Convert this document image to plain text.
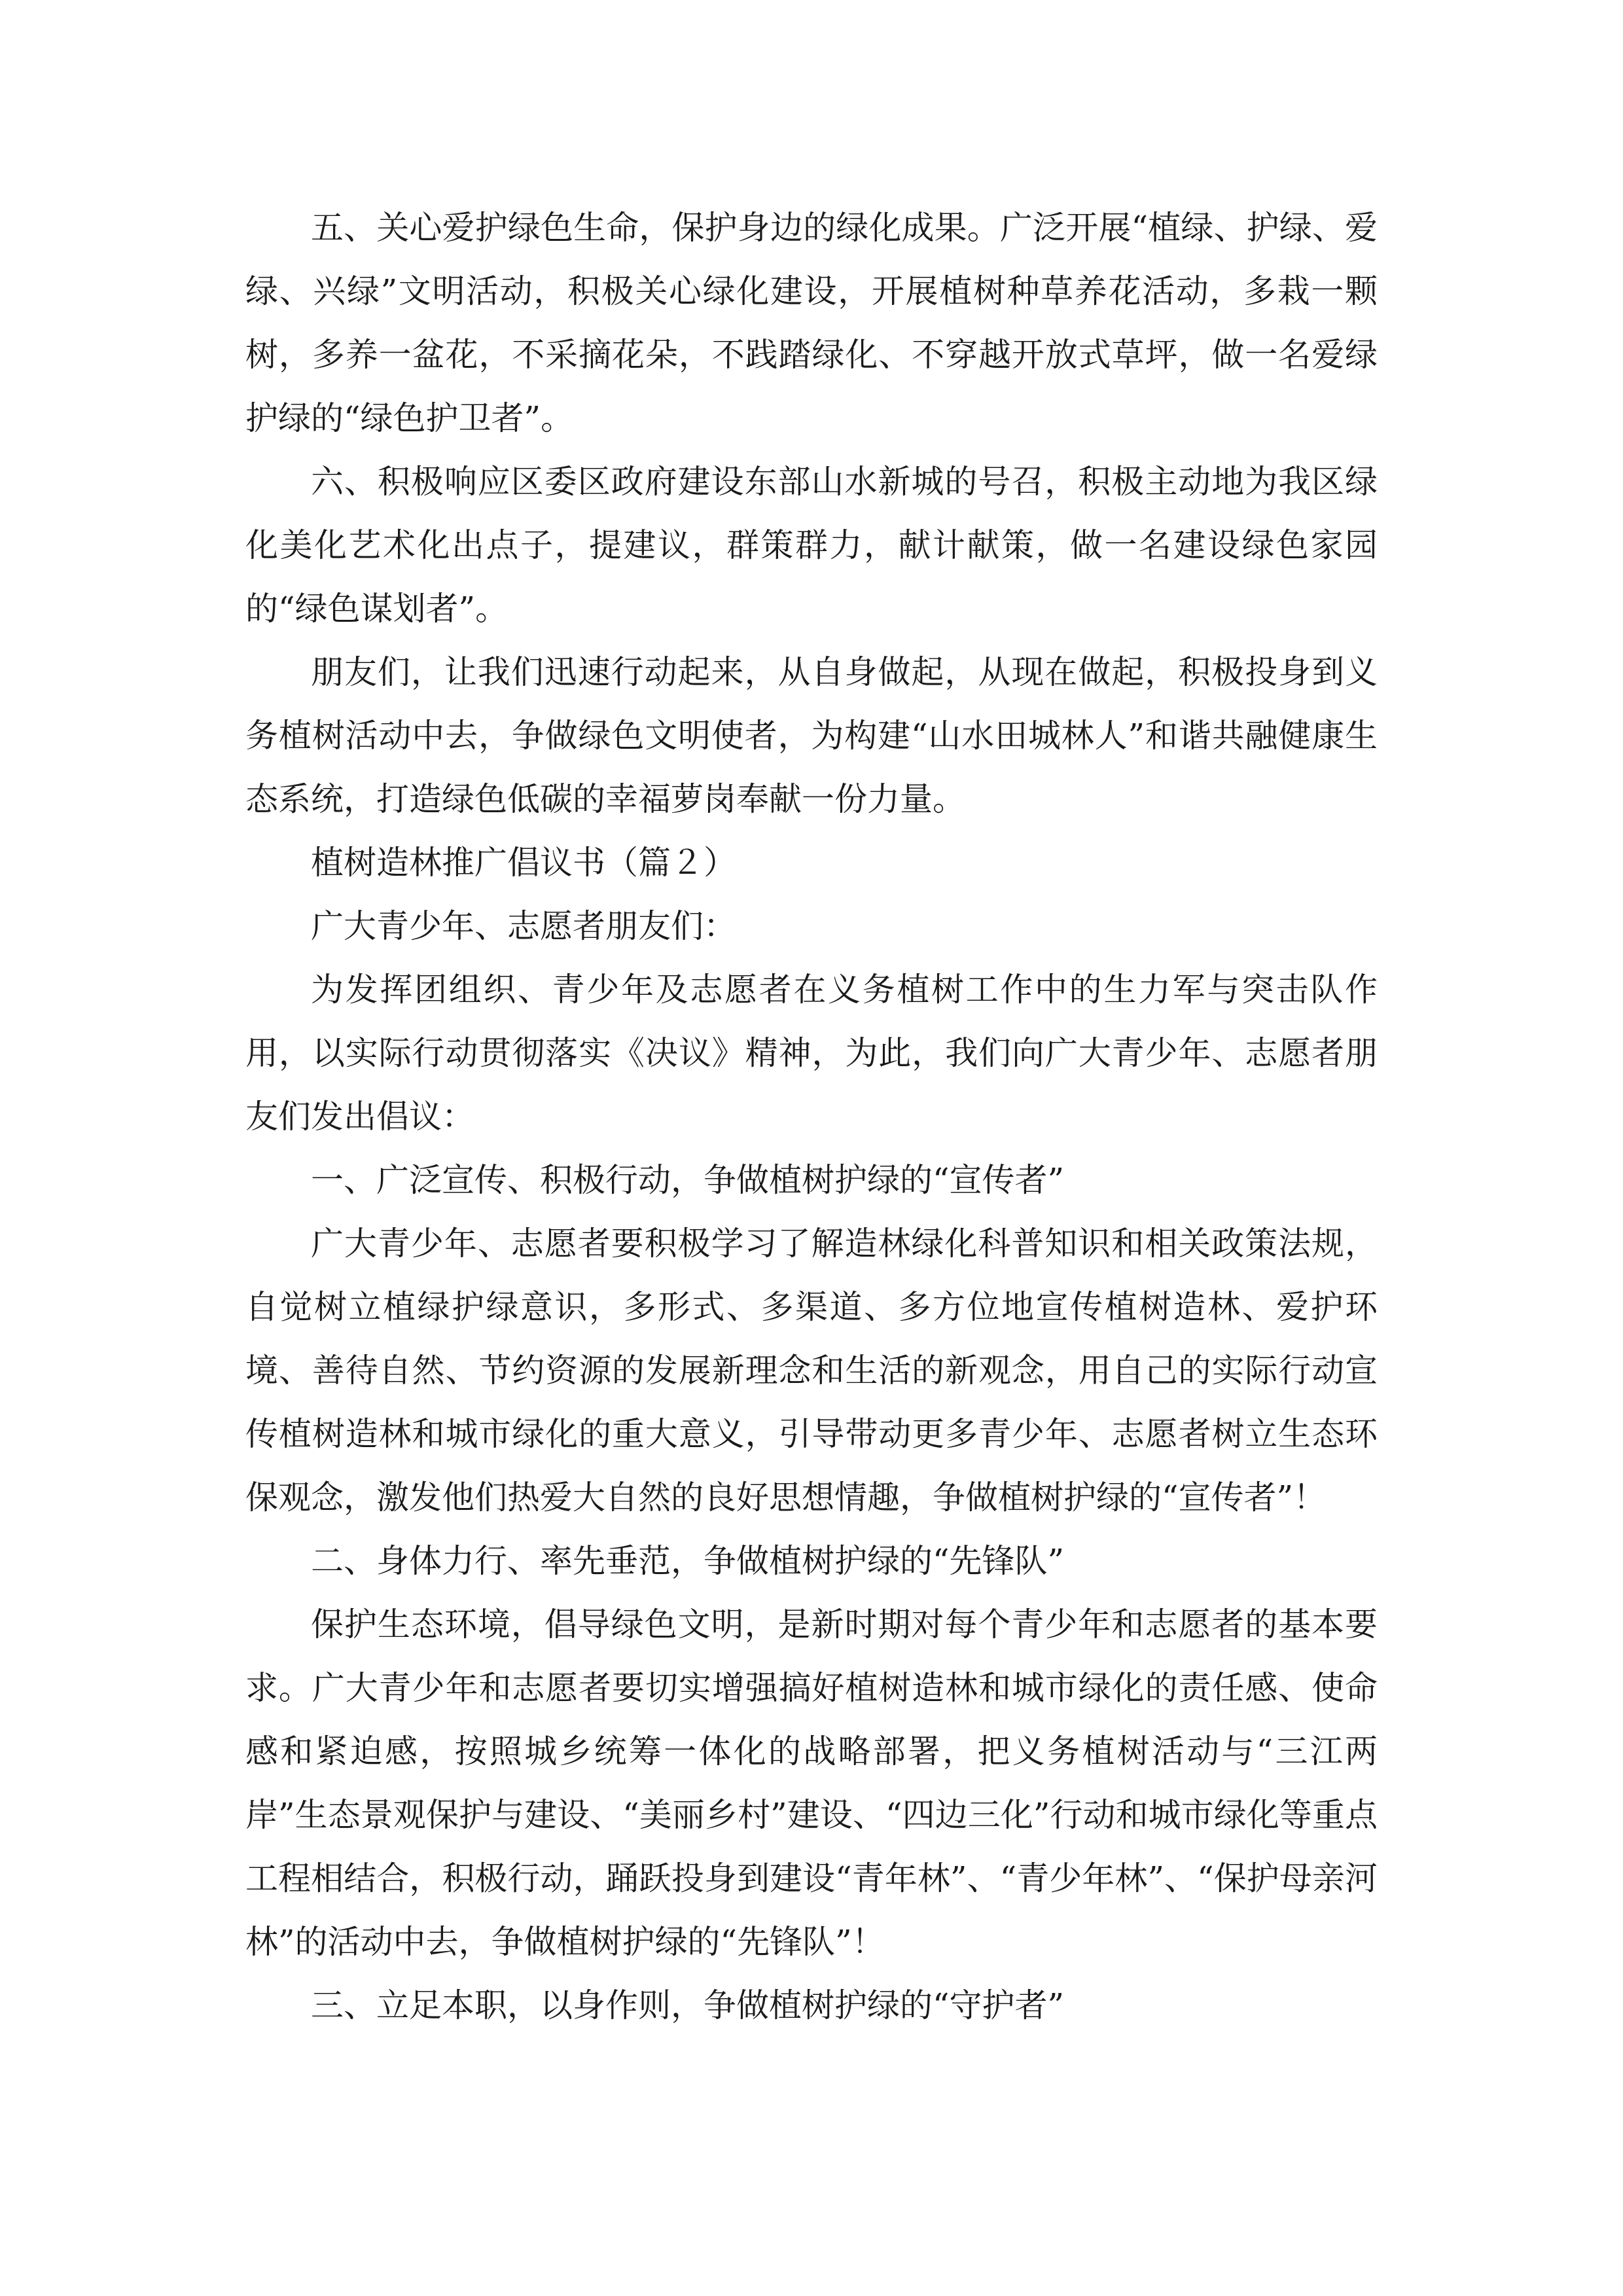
五、关心爱护绿色生命，保护身边的绿化成果。广泛开展“植绿、护绿、爱绿、兴绿”文明活动，积极关心绿化建设，开展植树种草养花活动，多栽一颗树，多养一盆花，不采摘花朵，不践踏绿化、不穿越开放式草坪，做一名爱绿护绿的“绿色护卫者”。

六、积极响应区委区政府建设东部山水新城的号召，积极主动地为我区绿化美化艺术化出点子，提建议，群策群力，献计献策，做一名建设绿色家园的“绿色谋划者”。

朋友们，让我们迅速行动起来，从自身做起，从现在做起，积极投身到义务植树活动中去，争做绿色文明使者，为构建“山水田城林人”和谐共融健康生态系统，打造绿色低碳的幸福萝岗奉献一份力量。

植树造林推广倡议书（篇２）

广大青少年、志愿者朋友们：

为发挥团组织、青少年及志愿者在义务植树工作中的生力军与突击队作用，以实际行动贯彻落实《决议》精神，为此，我们向广大青少年、志愿者朋友们发出倡议：

一、广泛宣传、积极行动，争做植树护绿的“宣传者”

广大青少年、志愿者要积极学习了解造林绿化科普知识和相关政策法规，自觉树立植绿护绿意识，多形式、多渠道、多方位地宣传植树造林、爱护环境、善待自然、节约资源的发展新理念和生活的新观念，用自己的实际行动宣传植树造林和城市绿化的重大意义，引导带动更多青少年、志愿者树立生态环保观念，激发他们热爱大自然的良好思想情趣，争做植树护绿的“宣传者”！

二、身体力行、率先垂范，争做植树护绿的“先锋队”

保护生态环境，倡导绿色文明，是新时期对每个青少年和志愿者的基本要求。广大青少年和志愿者要切实增强搞好植树造林和城市绿化的责任感、使命感和紧迫感，按照城乡统筹一体化的战略部署，把义务植树活动与“三江两岸”生态景观保护与建设、“美丽乡村”建设、“四边三化”行动和城市绿化等重点工程相结合，积极行动，踊跃投身到建设“青年林”、“青少年林”、“保护母亲河林”的活动中去，争做植树护绿的“先锋队”！

三、立足本职，以身作则，争做植树护绿的“守护者”
